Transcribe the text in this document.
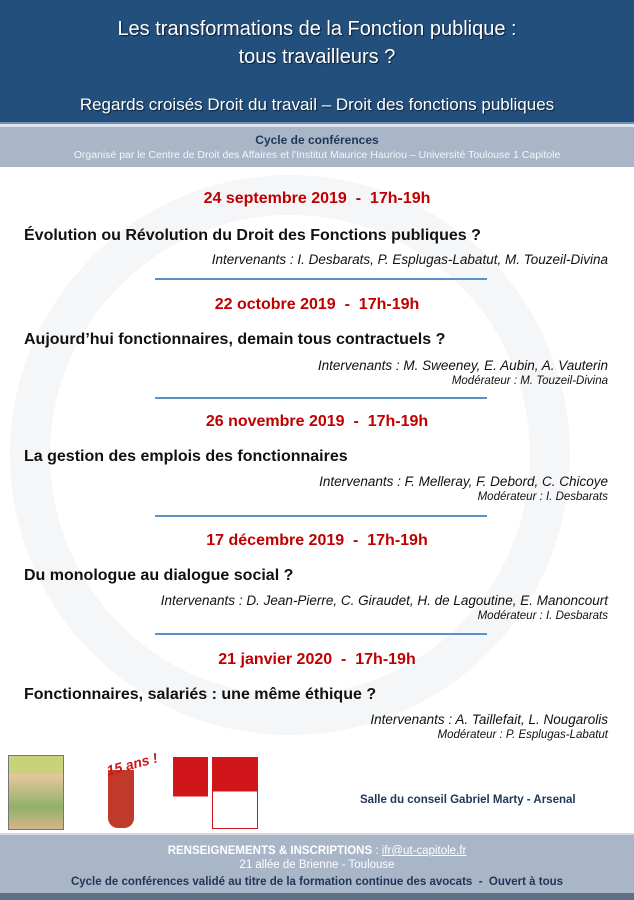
Les transformations de la Fonction publique :
tous travailleurs ?
Regards croisés Droit du travail – Droit des fonctions publiques
Cycle de conférences
Organisé par le Centre de Droit des Affaires et l'Institut Maurice Hauriou – Université Toulouse 1 Capitole
24 septembre 2019  -  17h-19h
Évolution ou Révolution du Droit des Fonctions publiques ?
Intervenants : I. Desbarats, P. Esplugas-Labatut, M. Touzeil-Divina
22 octobre 2019  -  17h-19h
Aujourd’hui fonctionnaires, demain tous contractuels ?
Intervenants : M. Sweeney, E. Aubin, A. Vauterin
Modérateur : M. Touzeil-Divina
26 novembre 2019  -  17h-19h
La gestion des emplois des fonctionnaires
Intervenants : F. Melleray, F. Debord, C. Chicoye
Modérateur : I. Desbarats
17 décembre 2019  -  17h-19h
Du monologue au dialogue social ?
Intervenants : D. Jean-Pierre, C. Giraudet, H. de Lagoutine, E. Manoncourt
Modérateur : I. Desbarats
21 janvier 2020  -  17h-19h
Fonctionnaires, salariés : une même éthique ?
Intervenants : A. Taillefait, L. Nougarolis
Modérateur : P. Esplugas-Labatut
15 ans !
Salle du conseil Gabriel Marty - Arsenal
RENSEIGNEMENTS & INSCRIPTIONS : ifr@ut-capitole.fr
21 allée de Brienne - Toulouse
Cycle de conférences validé au titre de la formation continue des avocats  -  Ouvert à tous
